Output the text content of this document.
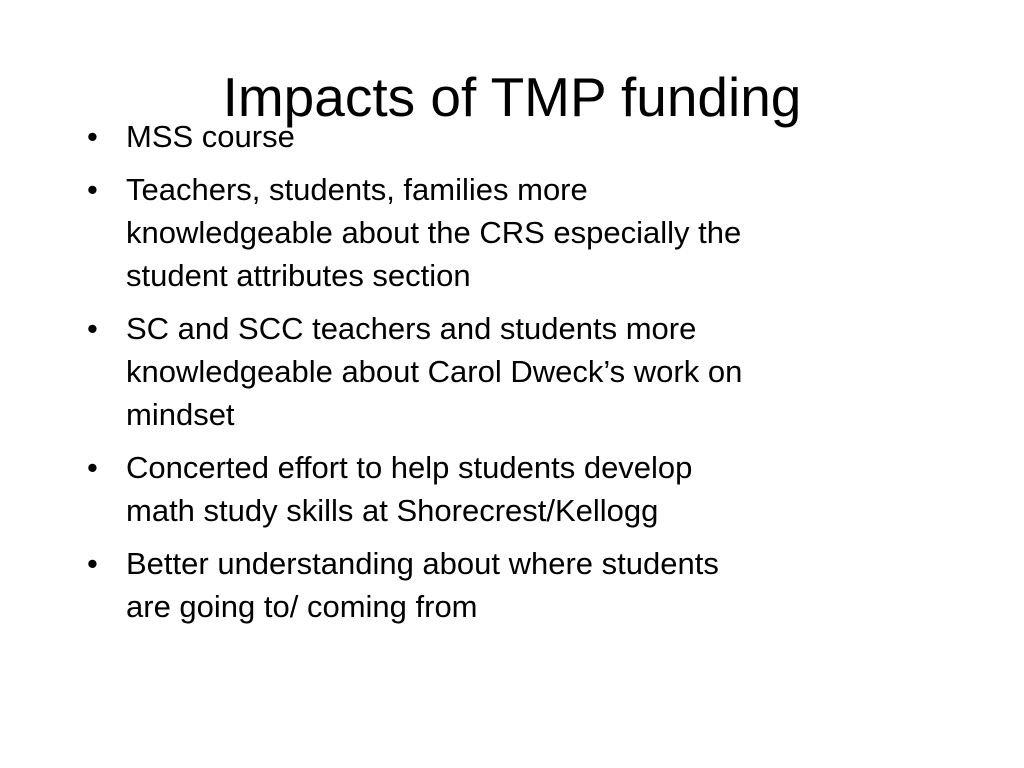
Impacts of TMP funding
• MSS course
• Teachers, students, families more
knowledgeable about the CRS especially the
student attributes section
• SC and SCC teachers and students more
knowledgeable about Carol Dweck’s work on
mindset
• Concerted effort to help students develop
math study skills at Shorecrest/Kellogg
• Better understanding about where students
are going to/ coming from
